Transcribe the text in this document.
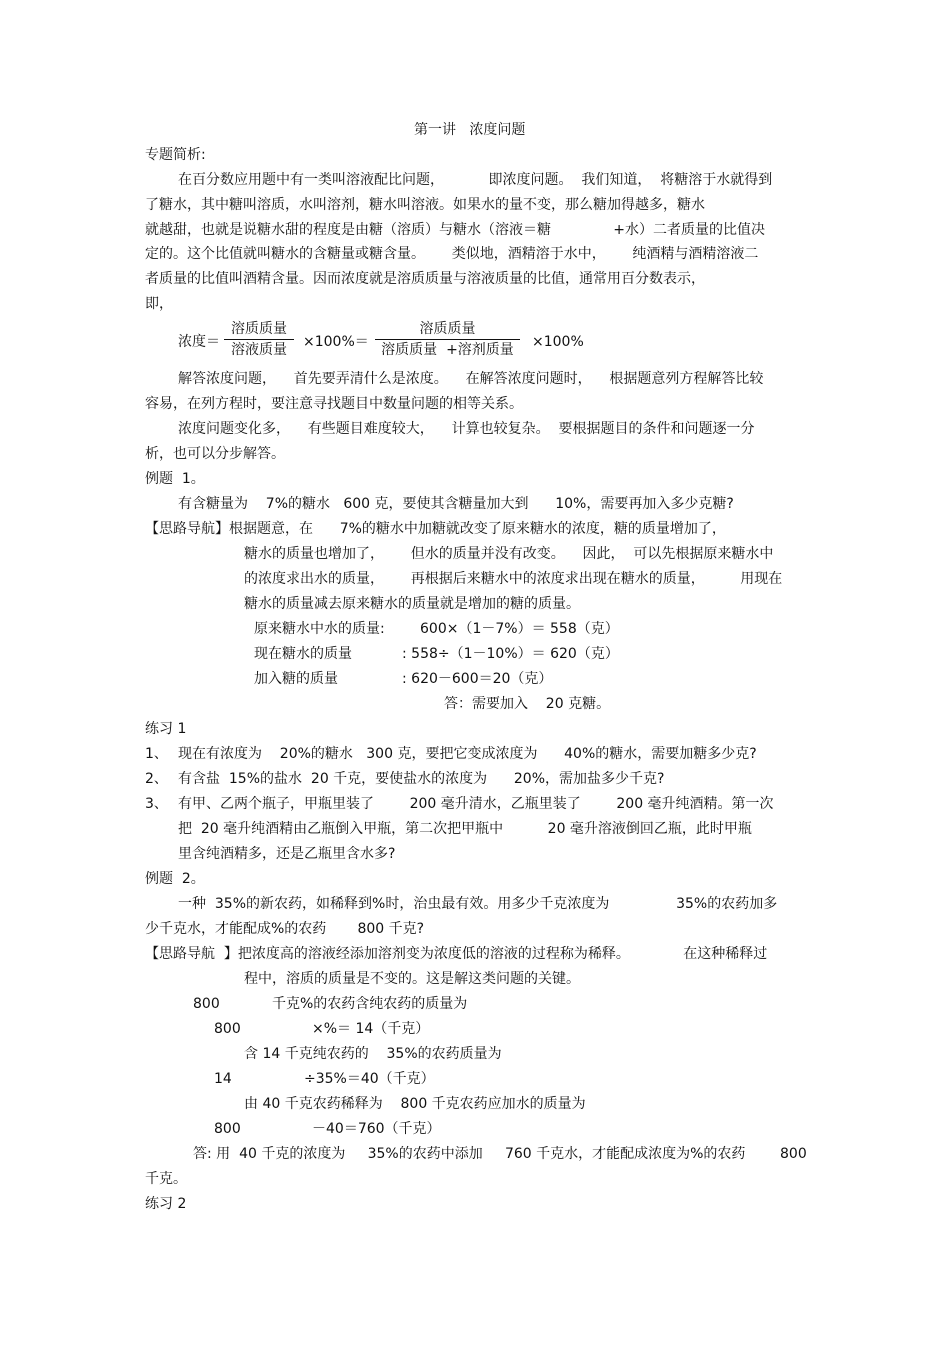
第一讲   浓度问题
专题简析:
在百分数应用题中有一类叫溶液配比问题，          即浓度问题。  我们知道，  将糖溶于水就得到
了糖水，其中糖叫溶质，水叫溶剂，糖水叫溶液。如果水的量不变，那么糖加得越多，糖水
就越甜，也就是说糖水甜的程度是由糖（溶质）与糖水（溶液＝糖              +水）二者质量的比值决
定的。这个比值就叫糖水的含糖量或糖含量。      类似地，酒精溶于水中，      纯酒精与酒精溶液二
者质量的比值叫酒精含量。因而浓度就是溶质质量与溶液质量的比值，通常用百分数表示，
即，
浓度＝
溶质质量
溶液质量	×100%＝
溶质质量
溶质质量  +溶剂质量	×100%
解答浓度问题，    首先要弄清什么是浓度。    在解答浓度问题时，    根据题意列方程解答比较
容易，在列方程时，要注意寻找题目中数量问题的相等关系。
浓度问题变化多，    有些题目难度较大，    计算也较复杂。  要根据题目的条件和问题逐一分
析，也可以分步解答。
例题  1。
有含糖量为    7%的糖水   600 克，要使其含糖量加大到      10%，需要再加入多少克糖?
【思路导航】根据题意，在      7%的糖水中加糖就改变了原来糖水的浓度，糖的质量增加了，
糖水的质量也增加了，      但水的质量并没有改变。    因此，  可以先根据原来糖水中
的浓度求出水的质量，      再根据后来糖水中的浓度求出现在糖水的质量，        用现在
糖水的质量减去原来糖水的质量就是增加的糖的质量。
原来糖水中水的质量:	600×（1－7%）＝ 558（克）
现在糖水的质量	: 558÷（1－10%）＝ 620（克）
加入糖的质量	: 620－600＝20（克）
答：需要加入    20 克糖。
练习 1
1、 现在有浓度为    20%的糖水   300 克，要把它变成浓度为      40%的糖水，需要加糖多少克?
2、 有含盐  15%的盐水  20 千克，要使盐水的浓度为      20%，需加盐多少千克?
3、 有甲、乙两个瓶子，甲瓶里装了        200 毫升清水，乙瓶里装了        200 毫升纯酒精。第一次
把  20 毫升纯酒精由乙瓶倒入甲瓶，第二次把甲瓶中          20 毫升溶液倒回乙瓶，此时甲瓶
里含纯酒精多，还是乙瓶里含水多?
例题  2。
一种  35%的新农药，如稀释到%时，治虫最有效。用多少千克浓度为               35%的农药加多
少千克水，才能配成%的农药       800 千克?
【思路导航  】把浓度高的溶液经添加溶剂变为浓度低的溶液的过程称为稀释。            在这种稀释过
程中，溶质的质量是不变的。这是解这类问题的关键。
800	千克%的农药含纯农药的质量为
800	×%＝ 14（千克）
含 14 千克纯农药的    35%的农药质量为
14	÷35%＝40（千克）
由 40 千克农药稀释为    800 千克农药应加水的质量为
800	－40＝760（千克）
答: 用  40 千克的浓度为     35%的农药中添加     760 千克水，才能配成浓度为%的农药 800
千克。
练习 2
